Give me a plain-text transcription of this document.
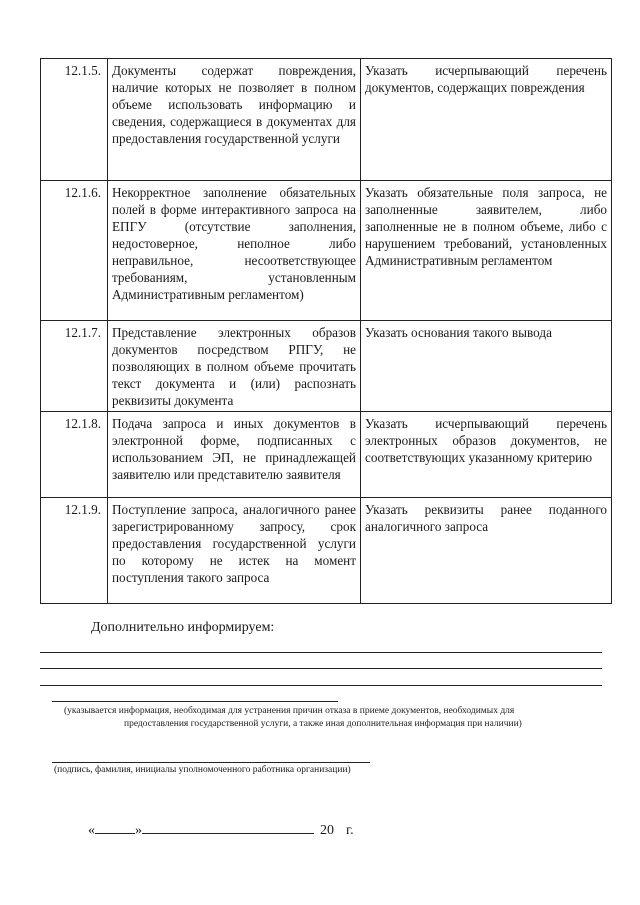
12.1.5.	Документы содержат повреждения, наличие которых не позволяет в полном объеме использовать информацию и сведения, содержащиеся в документах для предоставления государственной услуги	Указать исчерпывающий перечень документов, содержащих повреждения
12.1.6.	Некорректное заполнение обязательных полей в форме интерактивного запроса на ЕПГУ (отсутствие заполнения, недостоверное, неполное либо неправильное, несоответствующее требованиям, установленным Административным регламентом)	Указать обязательные поля запроса, не заполненные заявителем, либо заполненные не в полном объеме, либо с нарушением требований, установленных Административным регламентом
12.1.7.	Представление электронных образов документов посредством РПГУ, не позволяющих в полном объеме прочитать текст документа и (или) распознать реквизиты документа	Указать основания такого вывода
12.1.8.	Подача запроса и иных документов в электронной форме, подписанных с использованием ЭП, не принадлежащей заявителю или представителю заявителя	Указать исчерпывающий перечень электронных образов документов, не соответствующих указанному критерию
12.1.9.	Поступление запроса, аналогичного ранее зарегистрированному запросу, срок предоставления государственной услуги по которому не истек на момент поступления такого запроса	Указать реквизиты ранее поданного аналогичного запроса
Дополнительно информируем:
(указывается информация, необходимая для устранения причин отказа в приеме документов, необходимых для
предоставления государственной услуги, а также иная дополнительная информация при наличии)
(подпись, фамилия, инициалы уполномоченного работника организации)
«	»	20 г.
